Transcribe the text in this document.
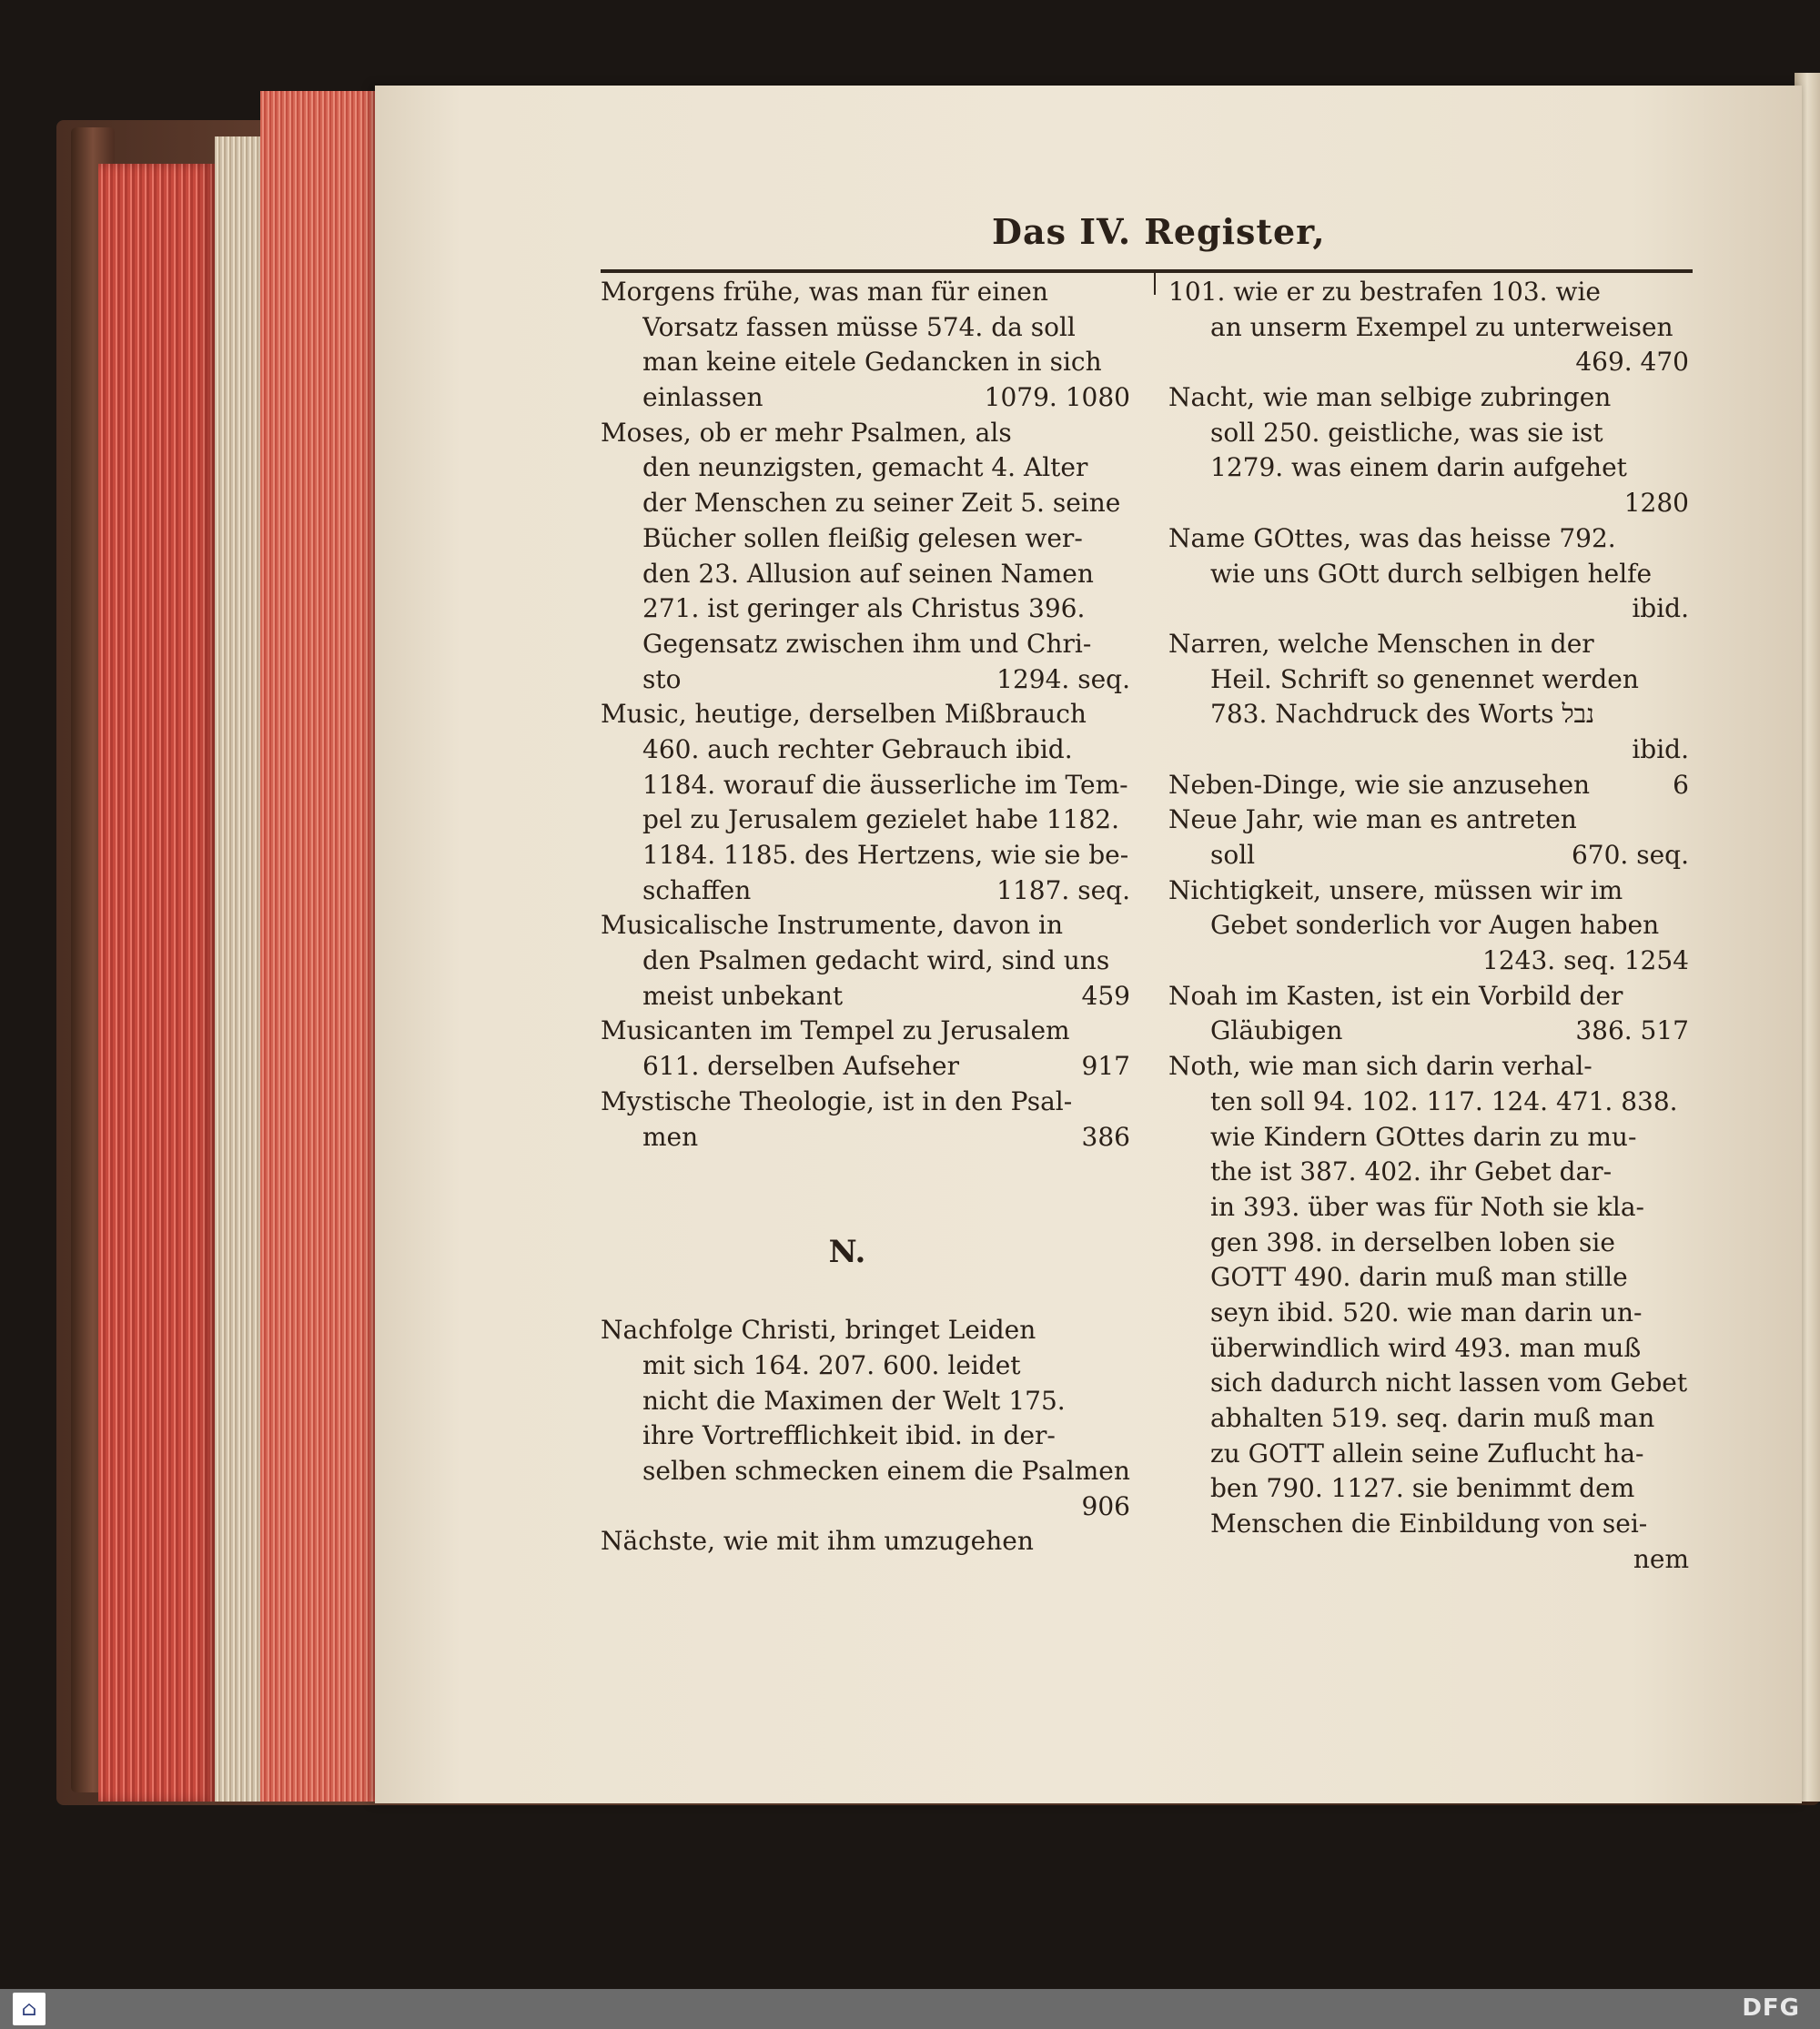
Das IV. Register,
Morgens frühe, was man für einen
Vorsatz fassen müsse 574. da soll
man keine eitele Gedancken in sich
einlassen	1079. 1080
Moses, ob er mehr Psalmen, als
den neunzigsten, gemacht 4. Alter
der Menschen zu seiner Zeit 5. seine
Bücher sollen fleißig gelesen wer-
den 23. Allusion auf seinen Namen
271. ist geringer als Christus 396.
Gegensatz zwischen ihm und Chri-
sto	1294. seq.
Music, heutige, derselben Mißbrauch
460. auch rechter Gebrauch ibid.
1184. worauf die äusserliche im Tem-
pel zu Jerusalem gezielet habe 1182.
1184. 1185. des Hertzens, wie sie be-
schaffen	1187. seq.
Musicalische Instrumente, davon in
den Psalmen gedacht wird, sind uns
meist unbekant	459
Musicanten im Tempel zu Jerusalem
611. derselben Aufseher	917
Mystische Theologie, ist in den Psal-
men	386
N.
Nachfolge Christi, bringet Leiden
mit sich 164. 207. 600. leidet
nicht die Maximen der Welt 175.
ihre Vortrefflichkeit ibid. in der-
selben schmecken einem die Psalmen
906
Nächste, wie mit ihm umzugehen
101. wie er zu bestrafen 103. wie
an unserm Exempel zu unterweisen
469. 470
Nacht, wie man selbige zubringen
soll 250. geistliche, was sie ist
1279. was einem darin aufgehet
1280
Name GOttes, was das heisse 792.
wie uns GOtt durch selbigen helfe
ibid.
Narren, welche Menschen in der
Heil. Schrift so genennet werden
783. Nachdruck des Worts נבל
ibid.
Neben-Dinge, wie sie anzusehen	6
Neue Jahr, wie man es antreten
soll	670. seq.
Nichtigkeit, unsere, müssen wir im
Gebet sonderlich vor Augen haben
1243. seq. 1254
Noah im Kasten, ist ein Vorbild der
Gläubigen	386. 517
Noth, wie man sich darin verhal-
ten soll 94. 102. 117. 124. 471. 838.
wie Kindern GOttes darin zu mu-
the ist 387. 402. ihr Gebet dar-
in 393. über was für Noth sie kla-
gen 398. in derselben loben sie
GOTT 490. darin muß man stille
seyn ibid. 520. wie man darin un-
überwindlich wird 493. man muß
sich dadurch nicht lassen vom Gebet
abhalten 519. seq. darin muß man
zu GOTT allein seine Zuflucht ha-
ben 790. 1127. sie benimmt dem
Menschen die Einbildung von sei-
nem
⌂	DFG
